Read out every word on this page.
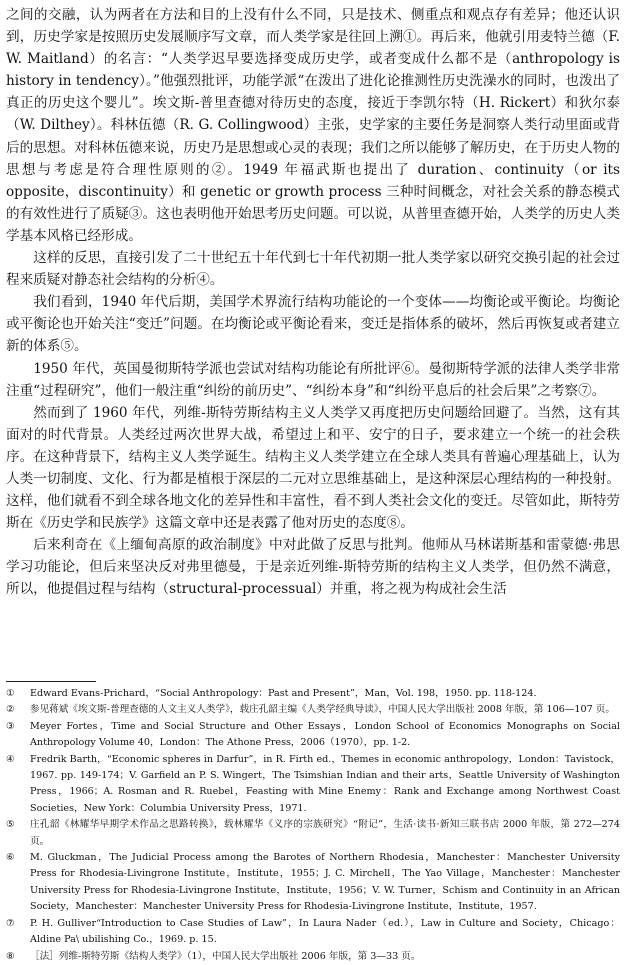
之间的交融，认为两者在方法和目的上没有什么不同，只是技术、侧重点和观点存有差异；他还认识到，历史学家是按照历史发展顺序写文章，而人类学家是往回上溯①。再后来，他就引用麦特兰德（F. W. Maitland）的名言：“人类学迟早要选择变成历史学，或者变成什么都不是（anthropology is history in tendency）。”他强烈批评，功能学派“在泼出了进化论推测性历史洗澡水的同时，也泼出了真正的历史这个婴儿”。埃文斯-普里查德对待历史的态度，接近于李凯尔特（H. Rickert）和狄尔泰（W. Dilthey）。科林伍德（R. G. Collingwood）主张，史学家的主要任务是洞察人类行动里面或背后的思想。对科林伍德来说，历史乃是思想或心灵的表现；我们之所以能够了解历史，在于历史人物的思想与考虑是符合理性原则的②。1949 年福武斯也提出了 duration、continuity（or its opposite，discontinuity）和 genetic or growth process 三种时间概念，对社会关系的静态模式的有效性进行了质疑③。这也表明他开始思考历史问题。可以说，从普里查德开始，人类学的历史人类学基本风格已经形成。

这样的反思，直接引发了二十世纪五十年代到七十年代初期一批人类学家以研究交换引起的社会过程来质疑对静态社会结构的分析④。

我们看到，1940 年代后期，美国学术界流行结构功能论的一个变体——均衡论或平衡论。均衡论或平衡论也开始关注“变迁”问题。在均衡论或平衡论看来，变迁是指体系的破坏，然后再恢复或者建立新的体系⑤。

1950 年代，英国曼彻斯特学派也尝试对结构功能论有所批评⑥。曼彻斯特学派的法律人类学非常注重“过程研究”，他们一般注重“纠纷的前历史”、“纠纷本身”和“纠纷平息后的社会后果”之考察⑦。

然而到了 1960 年代，列维-斯特劳斯结构主义人类学又再度把历史问题给回避了。当然，这有其面对的时代背景。人类经过两次世界大战，希望过上和平、安宁的日子，要求建立一个统一的社会秩序。在这种背景下，结构主义人类学诞生。结构主义人类学建立在全球人类具有普遍心理基础上，认为人类一切制度、文化、行为都是植根于深层的二元对立思维基础上，是这种深层心理结构的一种投射。这样，他们就看不到全球各地文化的差异性和丰富性，看不到人类社会文化的变迁。尽管如此，斯特劳斯在《历史学和民族学》这篇文章中还是表露了他对历史的态度⑧。

后来利奇在《上缅甸高原的政治制度》中对此做了反思与批判。他师从马林诺斯基和雷蒙德·弗思学习功能论，但后来坚决反对弗里德曼，于是亲近列维-斯特劳斯的结构主义人类学，但仍然不满意，所以，他提倡过程与结构（structural-processual）并重，将之视为构成社会生活

①	Edward Evans-Prichard，“Social Anthropology：Past and Present”，Man，Vol. 198，1950. pp. 118-124.
②	参见蒋斌《埃文斯-普理查德的人文主义人类学》，载庄孔韶主编《人类学经典导读》，中国人民大学出版社 2008 年版，第 106—107 页。
③	Meyer Fortes，Time and Social Structure and Other Essays，London School of Economics Monographs on Social Anthropology Volume 40，London：The Athone Press，2006（1970），pp. 1-2.
④	Fredrik Barth，“Economic spheres in Darfur”，in R. Firth ed.，Themes in economic anthropology，London：Tavistock，1967. pp. 149-174；V. Garfield an P. S. Wingert，The Tsimshian Indian and their arts，Seattle University of Washington Press，1966；A. Rosman and R. Ruebel，Feasting with Mine Enemy：Rank and Exchange among Northwest Coast Societies，New York：Columbia University Press，1971.
⑤	庄孔韶《林耀华早期学术作品之思路转换》，载林耀华《义序的宗族研究》“附记”，生活·读书·新知三联书店 2000 年版，第 272—274 页。
⑥	M. Gluckman，The Judicial Process among the Barotes of Northern Rhodesia，Manchester：Manchester University Press for Rhodesia-Livingrone Institute，Institute，1955；J. C. Mirchell，The Yao Village，Manchester：Manchester University Press for Rhodesia-Livingrone Institute，Institute，1956；V. W. Turner，Schism and Continuity in an African Society，Manchester：Manchester University Press for Rhodesia-Livingrone Institute，Institute，1957.
⑦	P. H. Gulliver“Introduction to Case Studies of Law”，In Laura Nader（ed.），Law in Culture and Society，Chicago：Aldine Pa\ ubilishing Co.，1969. p. 15.
⑧	［法］列维-斯特劳斯《结构人类学》（1），中国人民大学出版社 2006 年版，第 3—33 页。
